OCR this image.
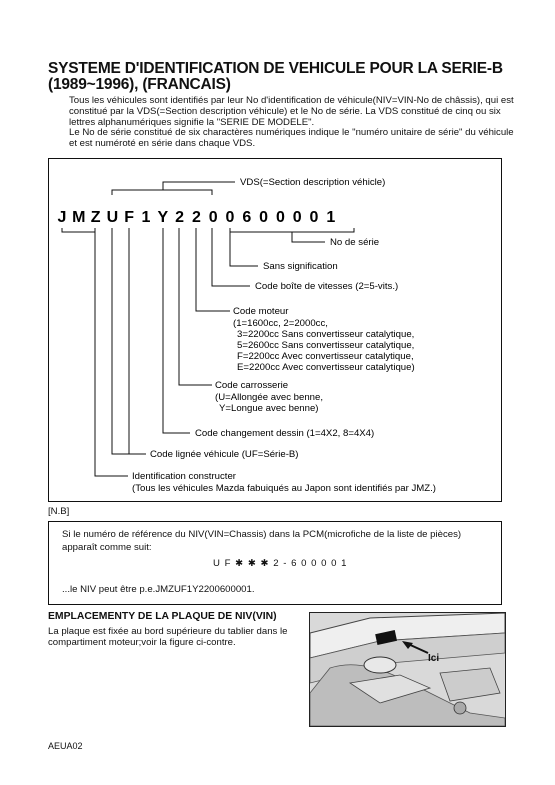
SYSTEME D'IDENTIFICATION DE VEHICULE POUR LA SERIE-B (1989~1996), (FRANCAIS)

Tous les véhicules sont identifiés par leur No d'identification de véhicule(NIV=VIN-No de châssis), qui est constitué par la VDS(=Section description véhicule) et le No de série. La VDS constitué de cinq ou six lettres alphanumériques signifie la "SERIE DE MODELE".

Le No de série constitué de six charactères numériques indique le "numéro unitaire de série" du véhicule et est numéroté en série dans chaque VDS.

J M Z U F 1 Y 2 2 0 0 6 0 0 0 0 1
VDS(=Section description véhicle)
No de série
Sans signification
Code boîte de vitesses (2=5-vits.)
Code moteur
(1=1600cc, 2=2000cc,
3=2200cc Sans convertisseur catalytique,
5=2600cc Sans convertisseur catalytique,
F=2200cc Avec convertisseur catalytique,
E=2200cc Avec convertisseur catalytique)
Code carrosserie
(U=Allongée avec benne,
Y=Longue avec benne)
Code changement dessin (1=4X2, 8=4X4)
Code lignée véhicule (UF=Série-B)
Identification constructer
(Tous les véhicules Mazda fabuiqués au Japon sont identifiés par JMZ.)
[N.B]
Si le numéro de référence du NIV(VIN=Chassis) dans la PCM(microfiche de la liste de pièces) apparaît comme suit:
U F ✱ ✱ ✱ 2 - 6 0 0 0 0 1
...le NIV peut être p.e.JMZUF1Y2200600001.
EMPLACEMENTY DE LA PLAQUE DE NIV(VIN)
La plaque est fixée au bord supérieure du tablier dans le compartiment moteur;voir la figure ci-contre.
Ici
AEUA02
